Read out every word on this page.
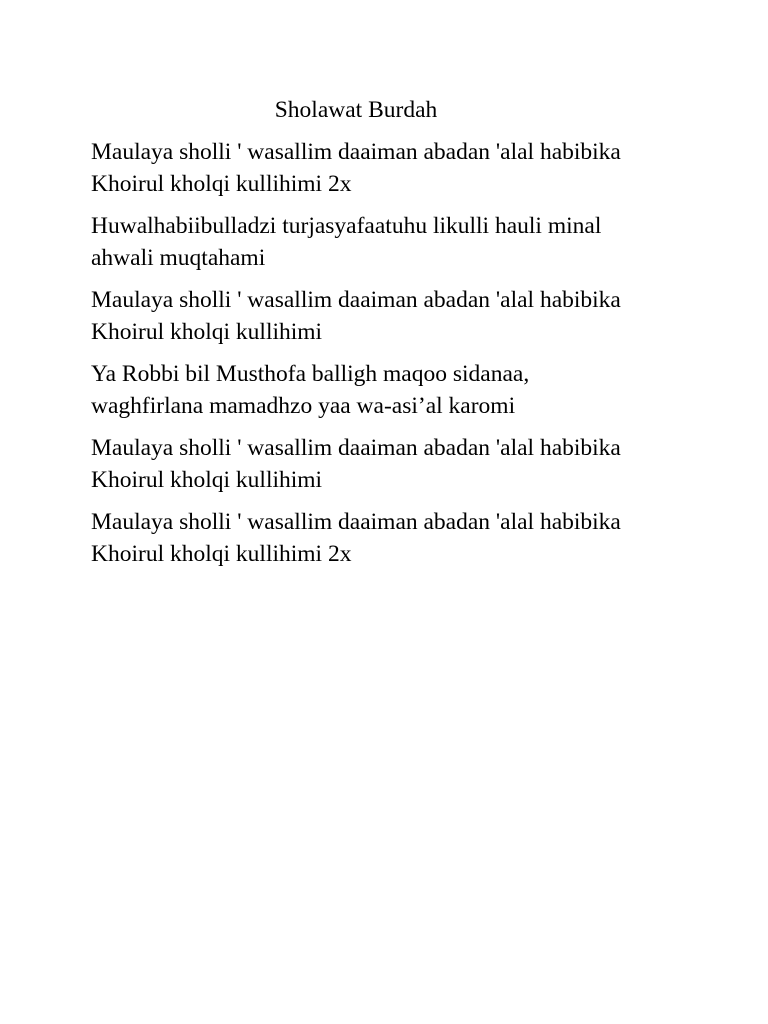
Sholawat Burdah
Maulaya sholli ' wasallim daaiman abadan 'alal habibika
Khoirul kholqi kullihimi 2x
Huwalhabiibulladzi turjasyafaatuhu likulli hauli minal
ahwali muqtahami
Maulaya sholli ' wasallim daaiman abadan 'alal habibika
Khoirul kholqi kullihimi
Ya Robbi bil Musthofa balligh maqoo sidanaa,
waghfirlana mamadhzo yaa wa-asi’al karomi
Maulaya sholli ' wasallim daaiman abadan 'alal habibika
Khoirul kholqi kullihimi
Maulaya sholli ' wasallim daaiman abadan 'alal habibika
Khoirul kholqi kullihimi 2x
